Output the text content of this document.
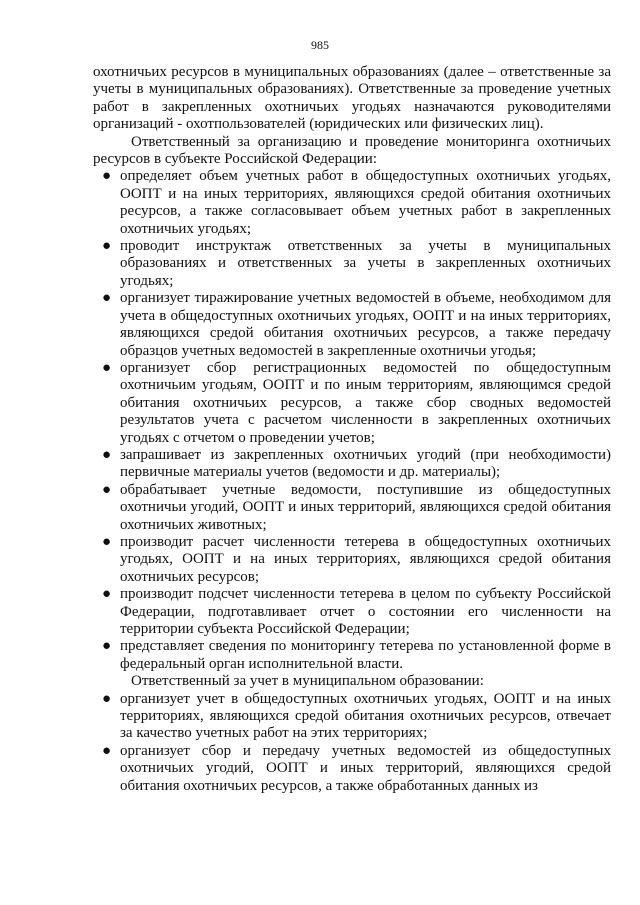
985

охотничьих ресурсов в муниципальных образованиях (далее – ответственные за учеты в муниципальных образованиях). Ответственные за проведение учетных работ в закрепленных охотничьих угодьях назначаются руководителями организаций - охотпользователей (юридических или физических лиц).

Ответственный за организацию и проведение мониторинга охотничьих ресурсов в субъекте Российской Федерации:

● определяет объем учетных работ в общедоступных охотничьих угодьях, ООПТ и на иных территориях, являющихся средой обитания охотничьих ресурсов, а также согласовывает объем учетных работ в закрепленных охотничьих угодьях;
● проводит инструктаж ответственных за учеты в муниципальных образованиях и ответственных за учеты в закрепленных охотничьих угодьях;
● организует тиражирование учетных ведомостей в объеме, необходимом для учета в общедоступных охотничьих угодьях, ООПТ и на иных территориях, являющихся средой обитания охотничьих ресурсов, а также передачу образцов учетных ведомостей в закрепленные охотничьи угодья;
● организует сбор регистрационных ведомостей по общедоступным охотничьим угодьям, ООПТ и по иным территориям, являющимся средой обитания охотничьих ресурсов, а также сбор сводных ведомостей результатов учета с расчетом численности в закрепленных охотничьих угодьях с отчетом о проведении учетов;
● запрашивает из закрепленных охотничьих угодий (при необходимости) первичные материалы учетов (ведомости и др. материалы);
● обрабатывает учетные ведомости, поступившие из общедоступных охотничьи угодий, ООПТ и иных территорий, являющихся средой обитания охотничьих животных;
● производит расчет численности тетерева в общедоступных охотничьих угодьях, ООПТ и на иных территориях, являющихся средой обитания охотничьих ресурсов;
● производит подсчет численности тетерева в целом по субъекту Российской Федерации, подготавливает отчет о состоянии его численности на территории субъекта Российской Федерации;
● представляет сведения по мониторингу тетерева по установленной форме в федеральный орган исполнительной власти.

Ответственный за учет в муниципальном образовании:

● организует учет в общедоступных охотничьих угодьях, ООПТ и на иных территориях, являющихся средой обитания охотничьих ресурсов, отвечает за качество учетных работ на этих территориях;
● организует сбор и передачу учетных ведомостей из общедоступных охотничьих угодий, ООПТ и иных территорий, являющихся средой обитания охотничьих ресурсов, а также обработанных данных из
